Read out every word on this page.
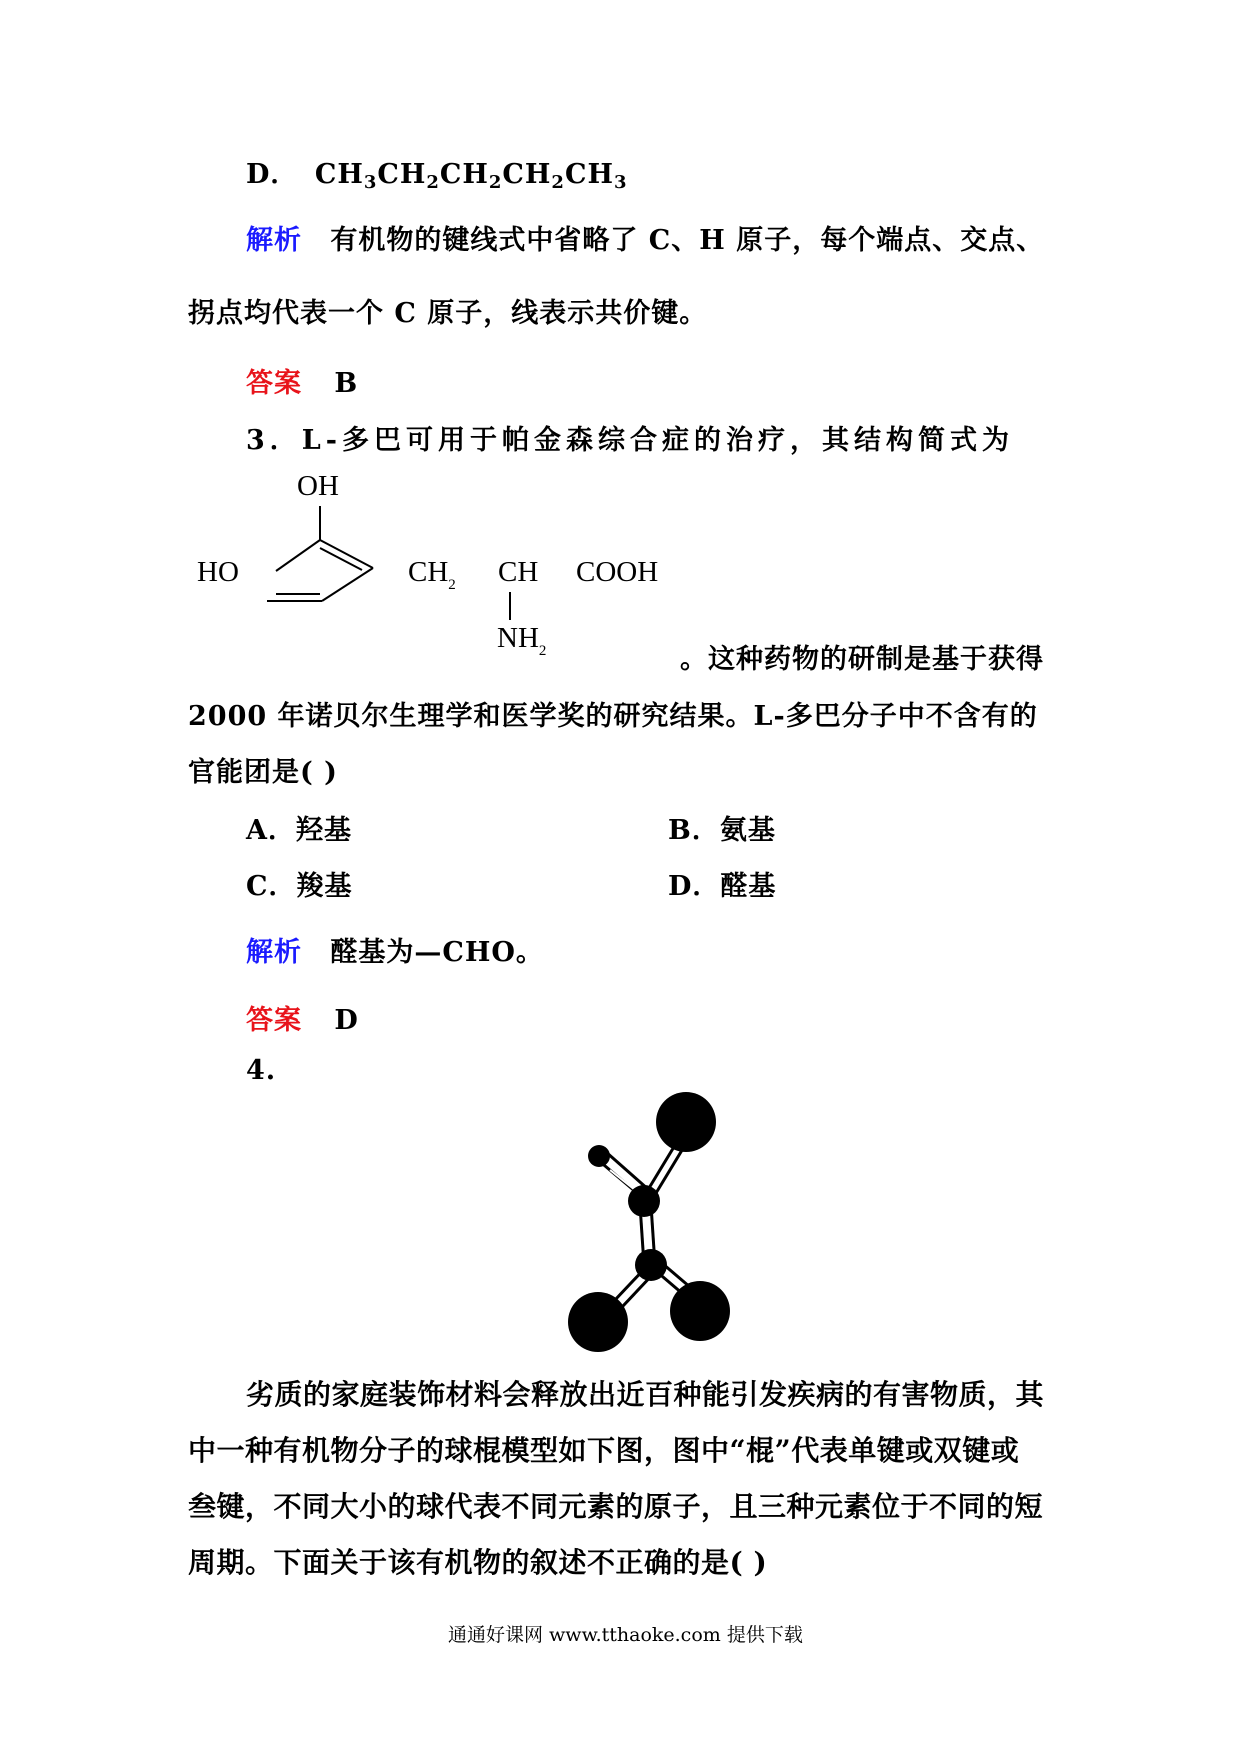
D． $CH_3CH_2CH_2CH_2CH_3$
解析 有机物的键线式中省略了 C、H 原子，每个端点、交点、
拐点均代表一个 C 原子，线表示共价键。
答案 B
3．L-多巴可用于帕金森综合症的治疗，其结构简式为
OH
HO	$CH_2$ CH COOH
$NH_2$	。这种药物的研制是基于获得
2000 年诺贝尔生理学和医学奖的研究结果。L-多巴分子中不含有的
官能团是( )
A．羟基	B．氨基
C．羧基	D．醛基
解析 醛基为—CHO。
答案 D
4.
劣质的家庭装饰材料会释放出近百种能引发疾病的有害物质，其
中一种有机物分子的球棍模型如下图，图中“棍”代表单键或双键或
叁键，不同大小的球代表不同元素的原子，且三种元素位于不同的短
周期。下面关于该有机物的叙述不正确的是( )
通通好课网 www.tthaoke.com 提供下载
